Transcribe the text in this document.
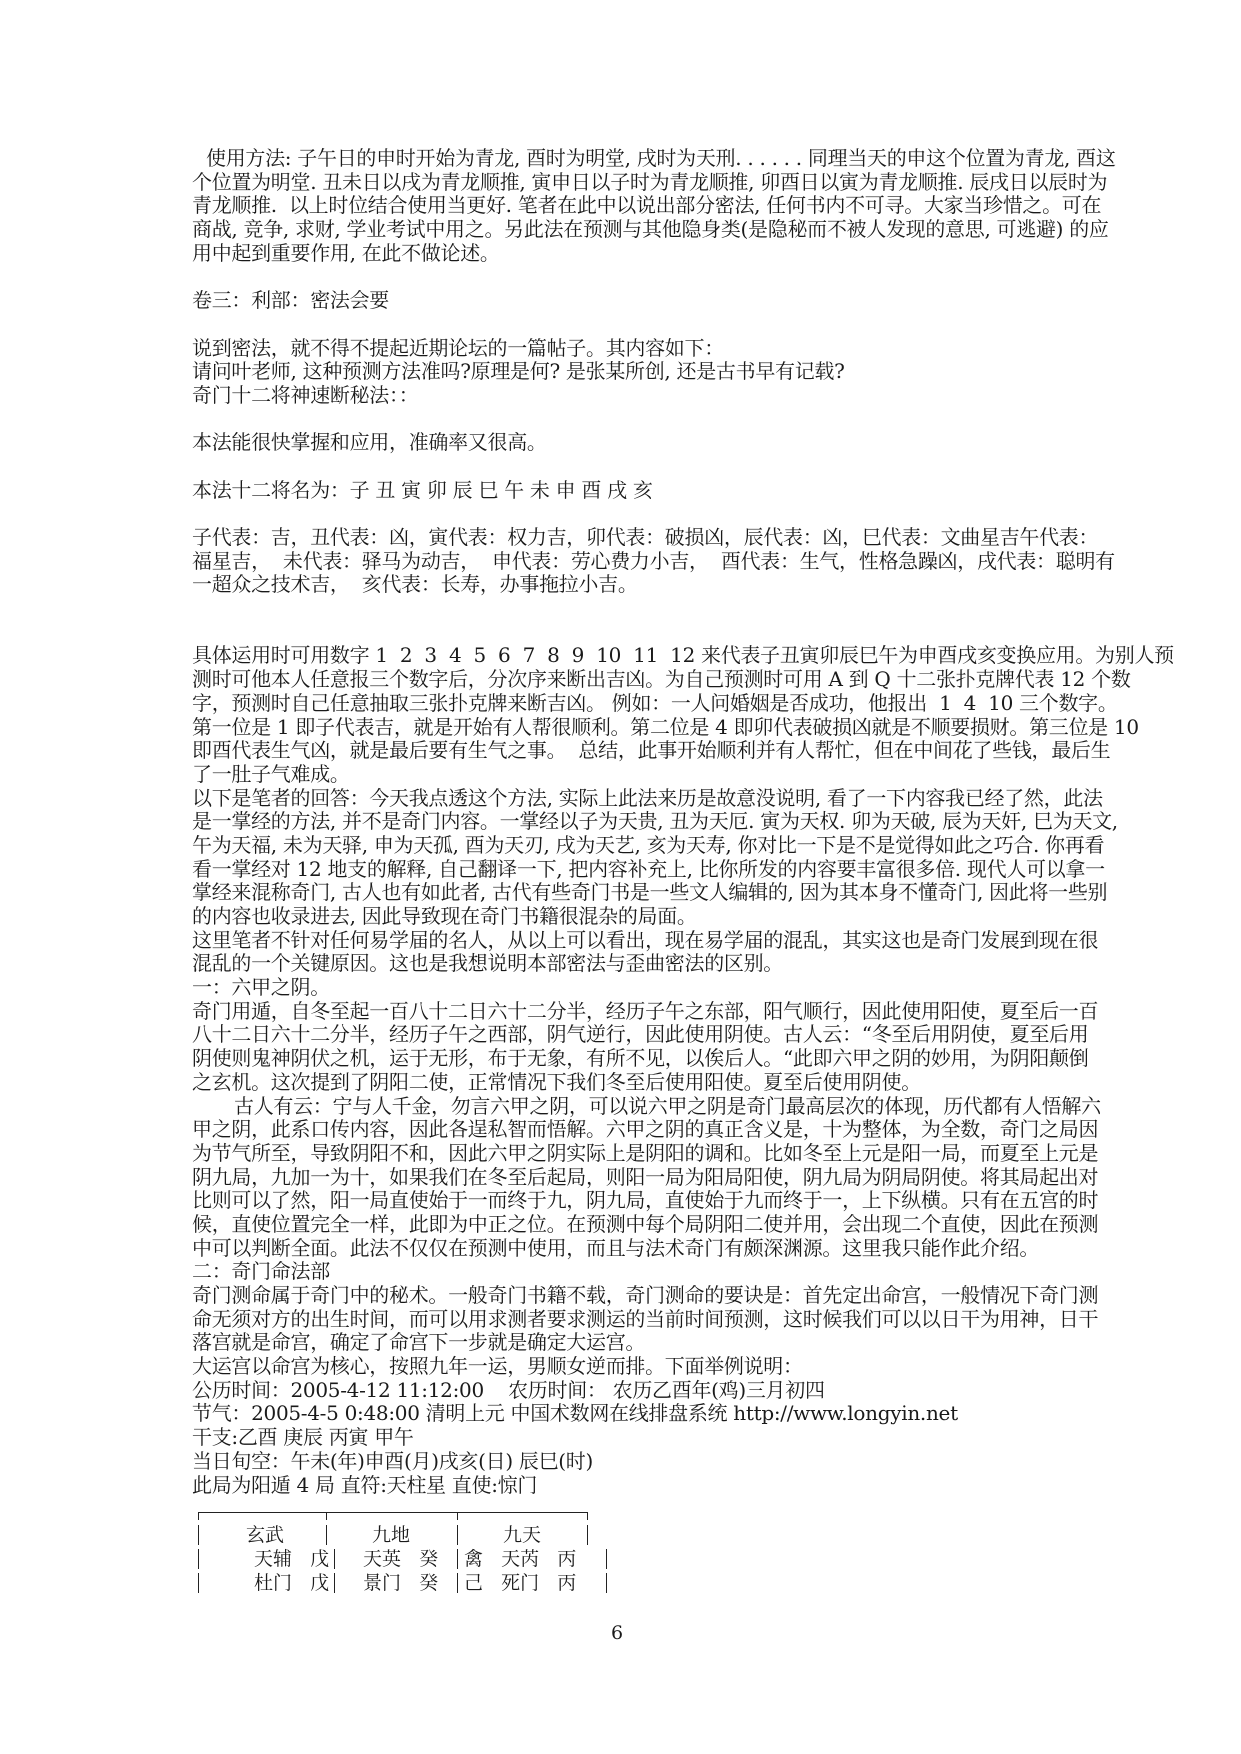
使用方法: 子午日的申时开始为青龙, 酉时为明堂, 戌时为天刑. . . . . . 同理当天的申这个位置为青龙, 酉这
个位置为明堂. 丑未日以戌为青龙顺推, 寅申日以子时为青龙顺推, 卯酉日以寅为青龙顺推. 辰戌日以辰时为
青龙顺推.  以上时位结合使用当更好. 笔者在此中以说出部分密法, 任何书内不可寻。大家当珍惜之。可在
商战, 竞争, 求财, 学业考试中用之。另此法在预测与其他隐身类(是隐秘而不被人发现的意思, 可逃避) 的应
用中起到重要作用, 在此不做论述。
卷三：利部：密法会要
说到密法，就不得不提起近期论坛的一篇帖子。其内容如下：
请问叶老师, 这种预测方法准吗?原理是何? 是张某所创, 还是古书早有记载?
奇门十二将神速断秘法：：
本法能很快掌握和应用，准确率又很高。
本法十二将名为：子 丑 寅 卯 辰 巳 午 未 申 酉 戌 亥
子代表：吉，丑代表：凶，寅代表：权力吉，卯代表：破损凶，辰代表：凶，巳代表：文曲星吉午代表：
福星吉，  未代表：驿马为动吉，  申代表：劳心费力小吉，  酉代表：生气，性格急躁凶，戌代表：聪明有
一超众之技术吉，  亥代表：长寿，办事拖拉小吉。
具体运用时可用数字 1  2  3  4  5  6  7  8  9  10  11  12 来代表子丑寅卯辰巳午为申酉戌亥变换应用。为别人预
测时可他本人任意报三个数字后，分次序来断出吉凶。为自己预测时可用 A 到 Q 十二张扑克牌代表 12 个数
字，预测时自己任意抽取三张扑克牌来断吉凶。 例如：一人问婚姻是否成功，他报出  1  4  10 三个数字。
第一位是 1 即子代表吉，就是开始有人帮很顺利。第二位是 4 即卯代表破损凶就是不顺要损财。第三位是 10
即酉代表生气凶，就是最后要有生气之事。  总结，此事开始顺利并有人帮忙，但在中间花了些钱，最后生
了一肚子气难成。
以下是笔者的回答：今天我点透这个方法, 实际上此法来历是故意没说明, 看了一下内容我已经了然，此法
是一掌经的方法, 并不是奇门内容。一掌经以子为天贵, 丑为天厄. 寅为天权. 卯为天破, 辰为天奸, 巳为天文,
午为天福, 未为天驿, 申为天孤, 酉为天刃, 戌为天艺, 亥为天寿, 你对比一下是不是觉得如此之巧合. 你再看
看一掌经对 12 地支的解释, 自己翻译一下, 把内容补充上, 比你所发的内容要丰富很多倍. 现代人可以拿一
掌经来混称奇门, 古人也有如此者, 古代有些奇门书是一些文人编辑的, 因为其本身不懂奇门, 因此将一些别
的内容也收录进去, 因此导致现在奇门书籍很混杂的局面。
这里笔者不针对任何易学届的名人，从以上可以看出，现在易学届的混乱，其实这也是奇门发展到现在很
混乱的一个关键原因。这也是我想说明本部密法与歪曲密法的区别。
一：六甲之阴。
奇门用遁，自冬至起一百八十二日六十二分半，经历子午之东部，阳气顺行，因此使用阳使，夏至后一百
八十二日六十二分半，经历子午之西部，阴气逆行，因此使用阴使。古人云：“冬至后用阴使，夏至后用
阴使则鬼神阴伏之机，运于无形，布于无象，有所不见，以俟后人。“此即六甲之阴的妙用，为阴阳颠倒
之玄机。这次提到了阴阳二使，正常情况下我们冬至后使用阳使。夏至后使用阴使。
古人有云：宁与人千金，勿言六甲之阴，可以说六甲之阴是奇门最高层次的体现，历代都有人悟解六
甲之阴，此系口传内容，因此各逞私智而悟解。六甲之阴的真正含义是，十为整体，为全数，奇门之局因
为节气所至，导致阴阳不和，因此六甲之阴实际上是阴阳的调和。比如冬至上元是阳一局，而夏至上元是
阴九局，九加一为十，如果我们在冬至后起局，则阳一局为阳局阳使，阴九局为阴局阴使。将其局起出对
比则可以了然，阳一局直使始于一而终于九，阴九局，直使始于九而终于一，上下纵横。只有在五宫的时
候，直使位置完全一样，此即为中正之位。在预测中每个局阴阳二使并用，会出现二个直使，因此在预测
中可以判断全面。此法不仅仅在预测中使用，而且与法术奇门有颇深渊源。这里我只能作此介绍。
二：奇门命法部
奇门测命属于奇门中的秘术。一般奇门书籍不载，奇门测命的要诀是：首先定出命宫，一般情况下奇门测
命无须对方的出生时间，而可以用求测者要求测运的当前时间预测，这时候我们可以以日干为用神，日干
落宫就是命宫，确定了命宫下一步就是确定大运宫。
大运宫以命宫为核心，按照九年一运，男顺女逆而排。下面举例说明：
公历时间：2005-4-12 11:12:00    农历时间： 农历乙酉年(鸡)三月初四
节气：2005-4-5 0:48:00 清明上元 中国术数网在线排盘系统 http://www.longyin.net
干支:乙酉 庚辰 丙寅 甲午
当日旬空：午未(年)申酉(月)戌亥(日) 辰巳(时)
此局为阳遁 4 局 直符:天柱星 直使:惊门
玄武	九地	九天
天辅   戊 天英   癸 禽   天芮   丙
杜门   戊 景门   癸 己   死门   丙
6
